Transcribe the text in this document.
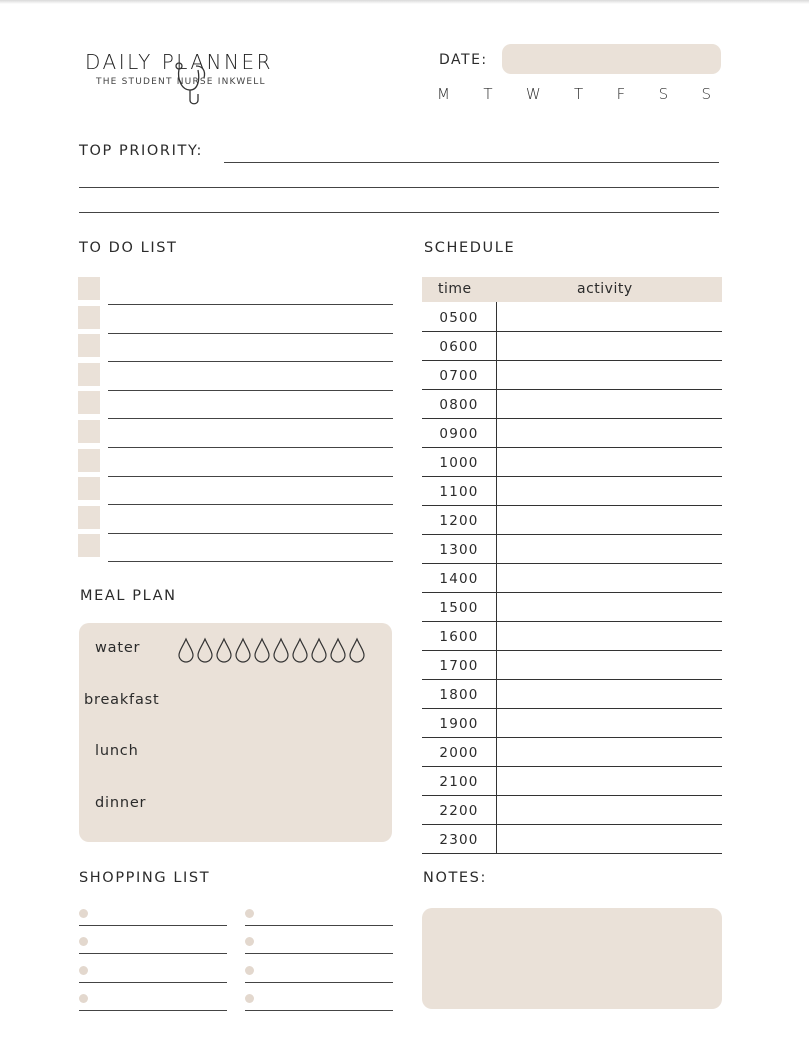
DAILY PLANNER
THE STUDENT NURSE INKWELL
DATE:
M T W T F S S
TOP PRIORITY:
TO DO LIST	SCHEDULE
time	activity
0500
0600
0700
0800
0900
1000
1100
1200
1300
1400
1500
1600
1700
1800
1900
2000
2100
2200
2300
MEAL PLAN
water
breakfast
lunch
dinner
SHOPPING LIST	NOTES:
